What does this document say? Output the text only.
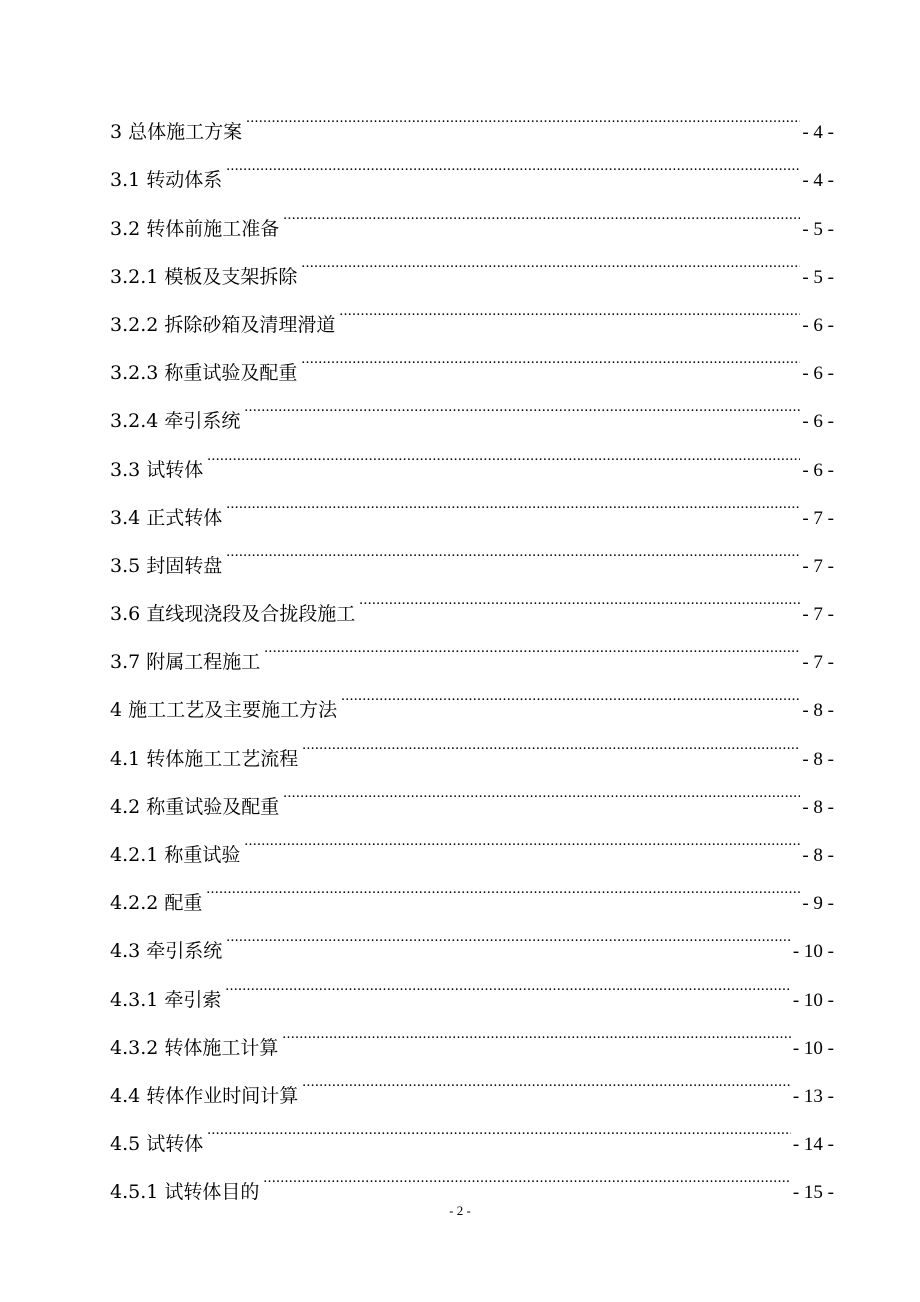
3 总体施工方案 .....	- 4 -
3.1 转动体系 .....	- 4 -
3.2 转体前施工准备 .....	- 5 -
3.2.1 模板及支架拆除 .....	- 5 -
3.2.2 拆除砂箱及清理滑道 .....	- 6 -
3.2.3 称重试验及配重 .....	- 6 -
3.2.4 牵引系统 .....	- 6 -
3.3 试转体 .....	- 6 -
3.4 正式转体 .....	- 7 -
3.5 封固转盘 .....	- 7 -
3.6 直线现浇段及合拢段施工 .....	- 7 -
3.7 附属工程施工 .....	- 7 -
4 施工工艺及主要施工方法 .....	- 8 -
4.1 转体施工工艺流程 .....	- 8 -
4.2 称重试验及配重 .....	- 8 -
4.2.1 称重试验 .....	- 8 -
4.2.2 配重 .....	- 9 -
4.3 牵引系统 .....	- 10 -
4.3.1 牵引索 .....	- 10 -
4.3.2 转体施工计算 .....	- 10 -
4.4 转体作业时间计算 .....	- 13 -
4.5 试转体 .....	- 14 -
4.5.1 试转体目的 .....	- 15 -
- 2 -
